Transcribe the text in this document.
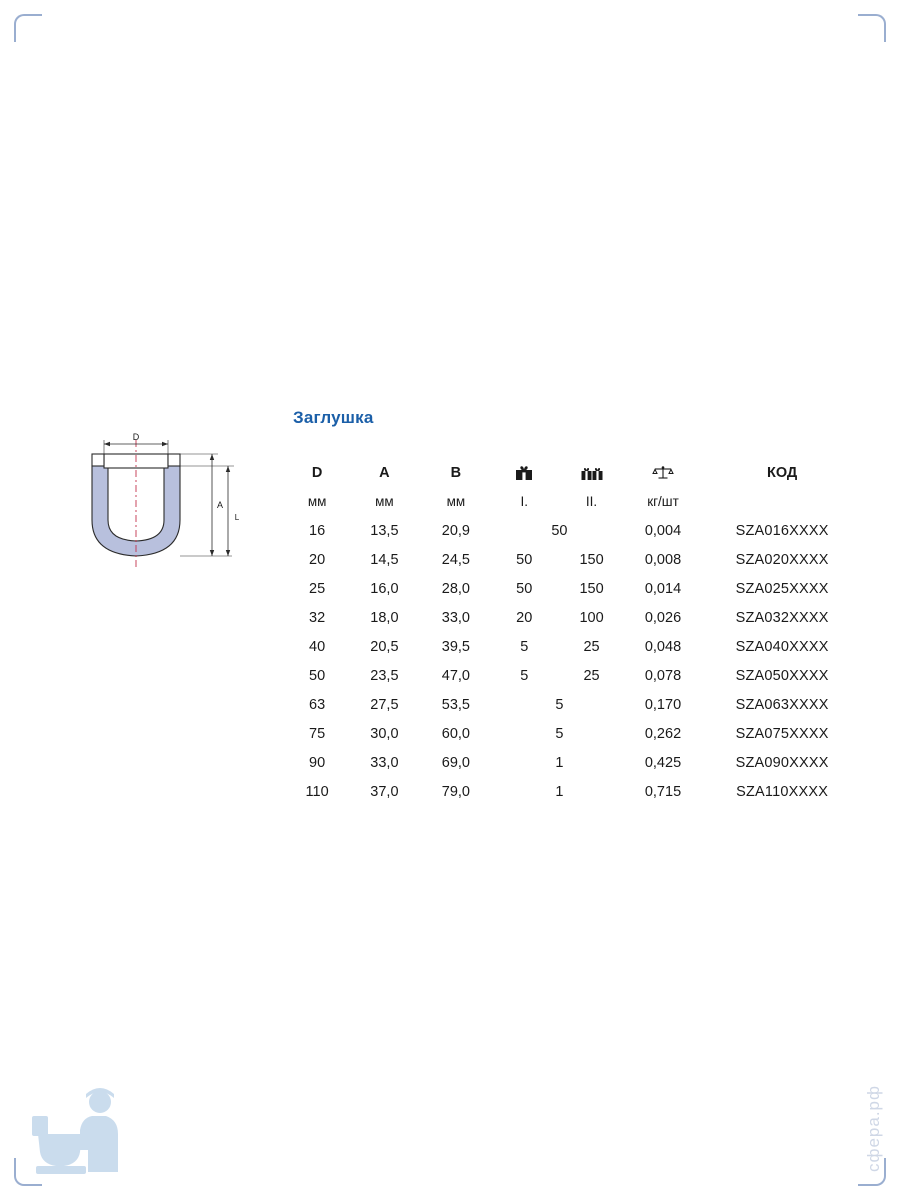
Заглушка
D
A
L
D	A	B				КОД
мм	мм	мм	I.	II.	кг/шт	
16	13,5	20,9	50		0,004	SZA016XXXX
20	14,5	24,5	50	150	0,008	SZA020XXXX
25	16,0	28,0	50	150	0,014	SZA025XXXX
32	18,0	33,0	20	100	0,026	SZA032XXXX
40	20,5	39,5	5	25	0,048	SZA040XXXX
50	23,5	47,0	5	25	0,078	SZA050XXXX
63	27,5	53,5	5		0,170	SZA063XXXX
75	30,0	60,0	5		0,262	SZA075XXXX
90	33,0	69,0	1		0,425	SZA090XXXX
110	37,0	79,0	1		0,715	SZA110XXXX
сфера.рф
